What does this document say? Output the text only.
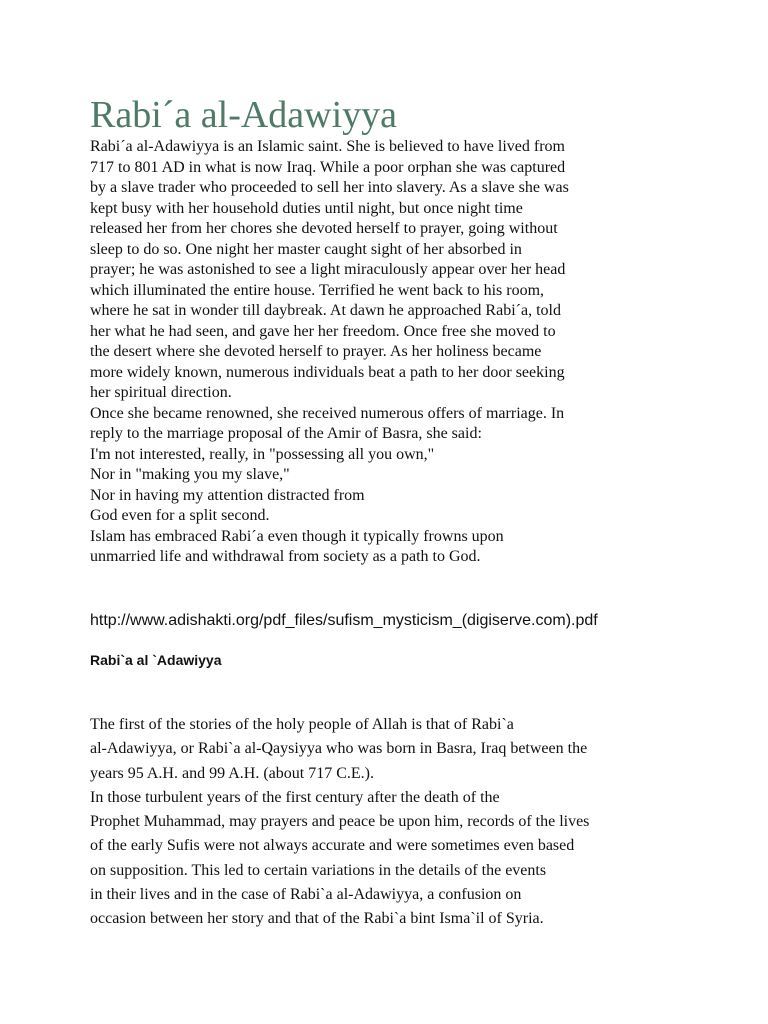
Rabi´a al-Adawiyya
Rabi´a al-Adawiyya is an Islamic saint. She is believed to have lived from
717 to 801 AD in what is now Iraq. While a poor orphan she was captured
by a slave trader who proceeded to sell her into slavery. As a slave she was
kept busy with her household duties until night, but once night time
released her from her chores she devoted herself to prayer, going without
sleep to do so. One night her master caught sight of her absorbed in
prayer; he was astonished to see a light miraculously appear over her head
which illuminated the entire house. Terrified he went back to his room,
where he sat in wonder till daybreak. At dawn he approached Rabi´a, told
her what he had seen, and gave her her freedom. Once free she moved to
the desert where she devoted herself to prayer. As her holiness became
more widely known, numerous individuals beat a path to her door seeking
her spiritual direction.
Once she became renowned, she received numerous offers of marriage. In
reply to the marriage proposal of the Amir of Basra, she said:
I'm not interested, really, in "possessing all you own,"
Nor in "making you my slave,"
Nor in having my attention distracted from
God even for a split second.
Islam has embraced Rabi´a even though it typically frowns upon
unmarried life and withdrawal from society as a path to God.
http://www.adishakti.org/pdf_files/sufism_mysticism_(digiserve.com).pdf
Rabi`a al `Adawiyya
The first of the stories of the holy people of Allah is that of Rabi`a
al-Adawiyya, or Rabi`a al-Qaysiyya who was born in Basra, Iraq between the
years 95 A.H. and 99 A.H. (about 717 C.E.).
In those turbulent years of the first century after the death of the
Prophet Muhammad, may prayers and peace be upon him, records of the lives
of the early Sufis were not always accurate and were sometimes even based
on supposition. This led to certain variations in the details of the events
in their lives and in the case of Rabi`a al-Adawiyya, a confusion on
occasion between her story and that of the Rabi`a bint Isma`il of Syria.
